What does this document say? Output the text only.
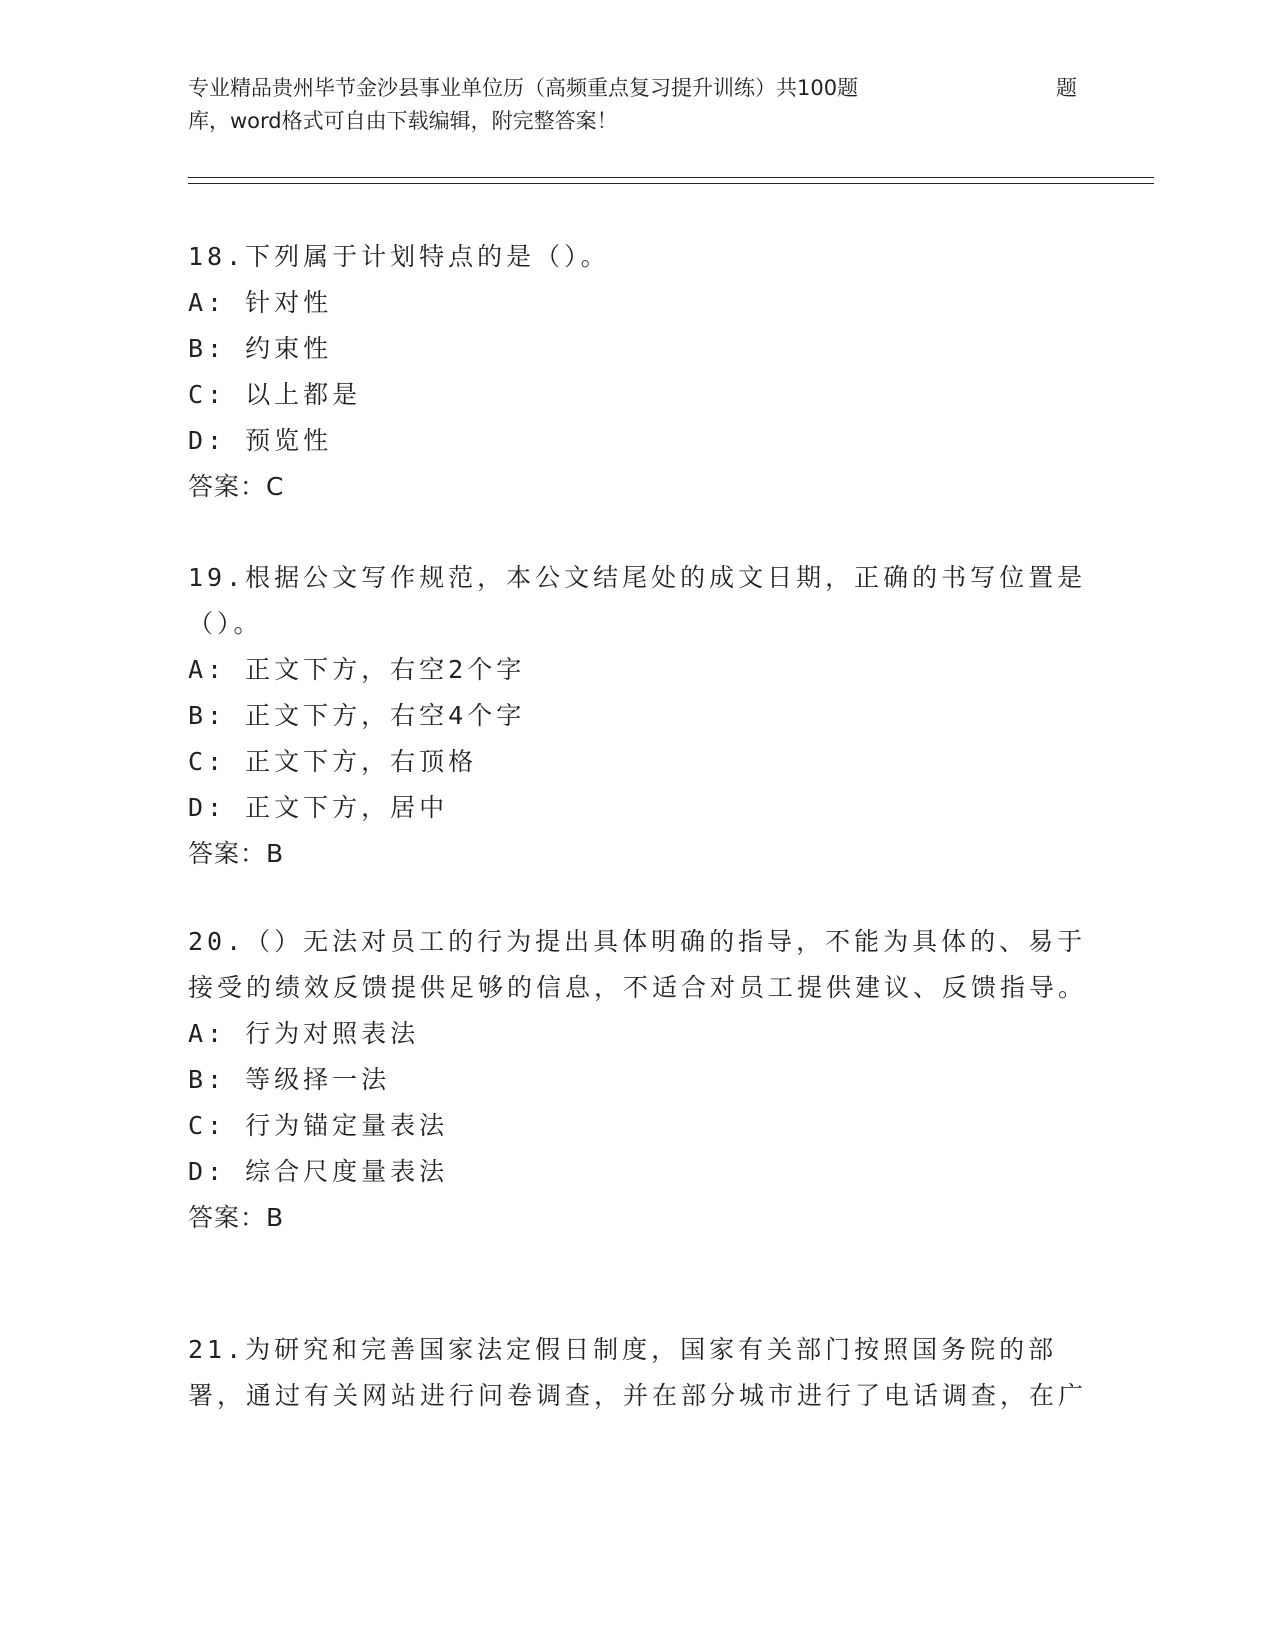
专业精品贵州毕节金沙县事业单位历（高频重点复习提升训练）共100题	题
库，word格式可自由下载编辑，附完整答案！

18.下列属于计划特点的是（）。

A: 针对性

B: 约束性

C: 以上都是

D: 预览性

答案：C

19.根据公文写作规范，本公文结尾处的成文日期，正确的书写位置是（）。

A: 正文下方，右空2个字

B: 正文下方，右空4个字

C: 正文下方，右顶格

D: 正文下方，居中

答案：B

20.（）无法对员工的行为提出具体明确的指导，不能为具体的、易于接受的绩效反馈提供足够的信息，不适合对员工提供建议、反馈指导。

A: 行为对照表法

B: 等级择一法

C: 行为锚定量表法

D: 综合尺度量表法

答案：B

21.为研究和完善国家法定假日制度，国家有关部门按照国务院的部署，通过有关网站进行问卷调查，并在部分城市进行了电话调查，在广
